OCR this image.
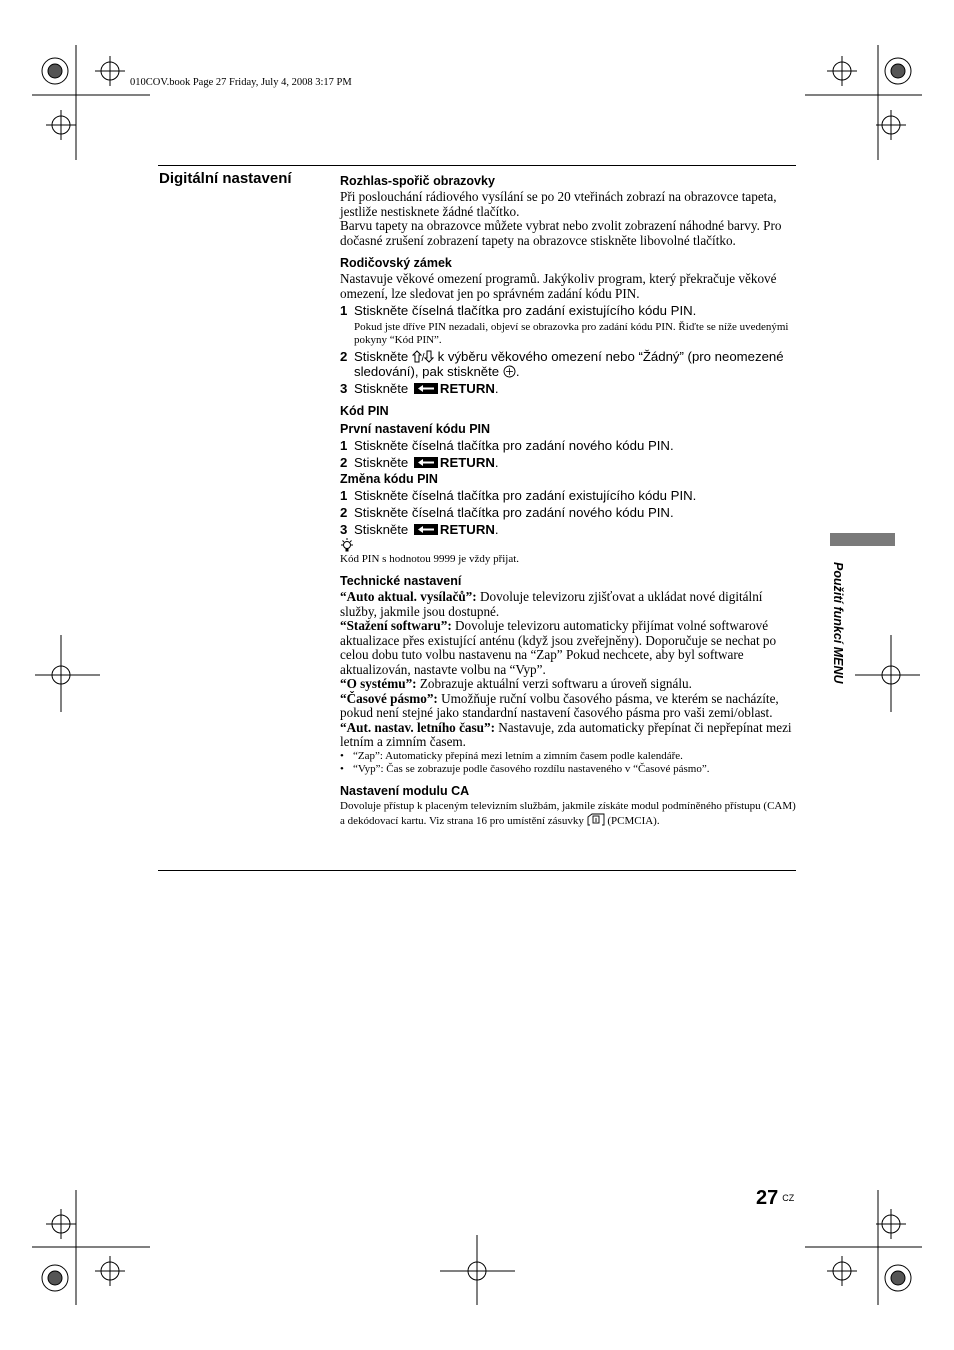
010COV.book Page 27 Friday, July 4, 2008 3:17 PM
Digitální nastavení	Rozhlas-spořič obrazovky
Při poslouchání rádiového vysílání se po 20 vteřinách zobrazí na obrazovce tapeta, jestliže nestisknete žádné tlačítko.
Barvu tapety na obrazovce můžete vybrat nebo zvolit zobrazení náhodné barvy. Pro dočasné zrušení zobrazení tapety na obrazovce stiskněte libovolné tlačítko.
Rodičovský zámek
Nastavuje věkové omezení programů. Jakýkoliv program, který překračuje věkové omezení, lze sledovat jen po správném zadání kódu PIN.
1 Stiskněte číselná tlačítka pro zadání existujícího kódu PIN.
Pokud jste dříve PIN nezadali, objeví se obrazovka pro zadání kódu PIN. Řiďte se níže uvedenými pokyny “Kód PIN”.
2 Stiskněte / k výběru věkového omezení nebo “Žádný” (pro neomezené sledování), pak stiskněte .
3 Stiskněte RETURN.
Kód PIN
První nastavení kódu PIN
1 Stiskněte číselná tlačítka pro zadání nového kódu PIN.
2 Stiskněte RETURN.
Změna kódu PIN
1 Stiskněte číselná tlačítka pro zadání existujícího kódu PIN.
2 Stiskněte číselná tlačítka pro zadání nového kódu PIN.
3 Stiskněte RETURN.
Kód PIN s hodnotou 9999 je vždy přijat.
Technické nastavení
“Auto aktual. vysílačů”: Dovoluje televizoru zjišťovat a ukládat nové digitální služby, jakmile jsou dostupné.
“Stažení softwaru”: Dovoluje televizoru automaticky přijímat volné softwarové aktualizace přes existující anténu (když jsou zveřejněny). Doporučuje se nechat po celou dobu tuto volbu nastavenu na “Zap” Pokud nechcete, aby byl software aktualizován, nastavte volbu na “Vyp”.
“O systému”: Zobrazuje aktuální verzi softwaru a úroveň signálu.
“Časové pásmo”: Umožňuje ruční volbu časového pásma, ve kterém se nacházíte, pokud není stejné jako standardní nastavení časového pásma pro vaši zemi/oblast.
“Aut. nastav. letního času”: Nastavuje, zda automaticky přepínat či nepřepínat mezi letním a zimním časem.
• “Zap”: Automaticky přepíná mezi letním a zimním časem podle kalendáře.
• “Vyp”: Čas se zobrazuje podle časového rozdílu nastaveného v “Časové pásmo”.
Nastavení modulu CA
Dovoluje přístup k placeným televizním službám, jakmile získáte modul podmíněného přístupu (CAM) a dekódovací kartu. Viz strana 16 pro umístění zásuvky (PCMCIA).
Použití funkcí MENU
27 CZ
